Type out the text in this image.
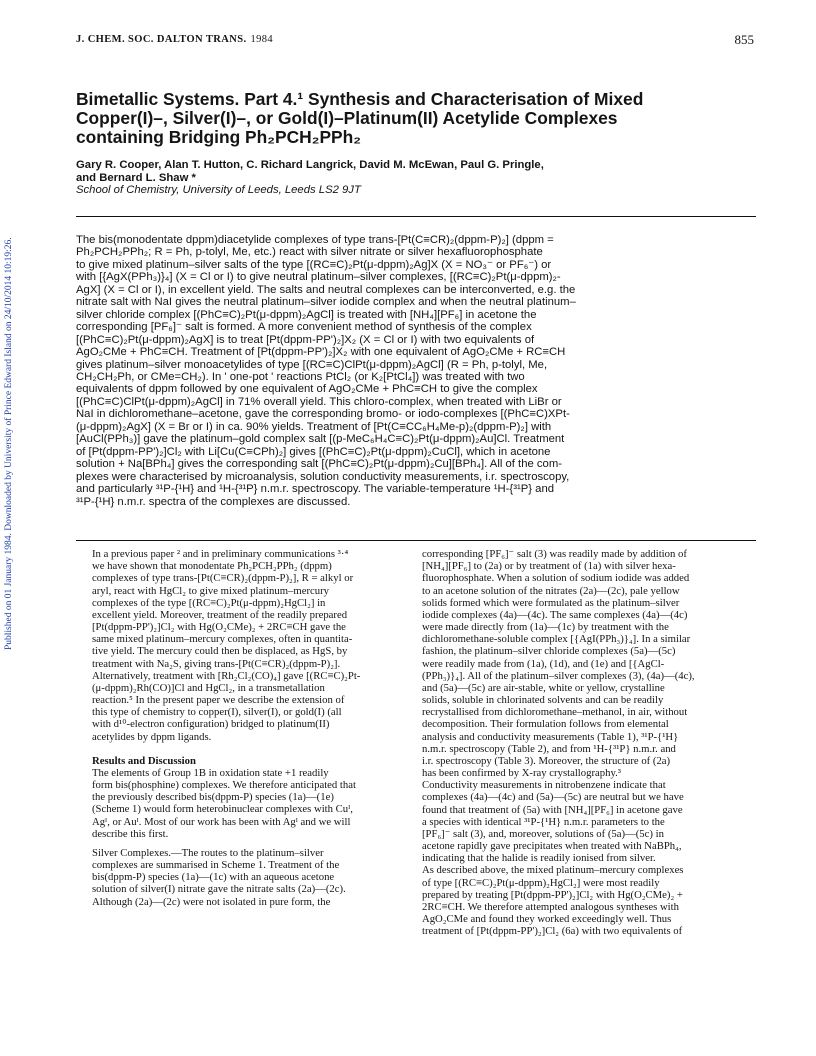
Published on 01 January 1984. Downloaded by University of Prince Edward Island on 24/10/2014 10:19:26.
J. CHEM. SOC. DALTON TRANS. 1984	855
Bimetallic Systems. Part 4.¹ Synthesis and Characterisation of Mixed
Copper(I)–, Silver(I)–, or Gold(I)–Platinum(II) Acetylide Complexes
containing Bridging Ph₂PCH₂PPh₂
Gary R. Cooper, Alan T. Hutton, C. Richard Langrick, David M. McEwan, Paul G. Pringle,
and Bernard L. Shaw *
School of Chemistry, University of Leeds, Leeds LS2 9JT
The bis(monodentate dppm)diacetylide complexes of type trans-[Pt(C≡CR)₂(dppm-P)₂] (dppm =
Ph₂PCH₂PPh₂; R = Ph, p-tolyl, Me, etc.) react with silver nitrate or silver hexafluorophosphate
to give mixed platinum–silver salts of the type [(RC≡C)₂Pt(μ-dppm)₂Ag]X (X = NO₃⁻ or PF₆⁻) or
with [{AgX(PPh₃)}₄] (X = Cl or I) to give neutral platinum–silver complexes, [(RC≡C)₂Pt(μ-dppm)₂-
AgX] (X = Cl or I), in excellent yield. The salts and neutral complexes can be interconverted, e.g. the
nitrate salt with NaI gives the neutral platinum–silver iodide complex and when the neutral platinum–
silver chloride complex [(PhC≡C)₂Pt(μ-dppm)₂AgCl] is treated with [NH₄][PF₆] in acetone the
corresponding [PF₆]⁻ salt is formed. A more convenient method of synthesis of the complex
[(PhC≡C)₂Pt(μ-dppm)₂AgX] is to treat [Pt(dppm-PP')₂]X₂ (X = Cl or I) with two equivalents of
AgO₂CMe + PhC≡CH. Treatment of [Pt(dppm-PP')₂]X₂ with one equivalent of AgO₂CMe + RC≡CH
gives platinum–silver monoacetylides of type [(RC≡C)ClPt(μ-dppm)₂AgCl] (R = Ph, p-tolyl, Me,
CH₂CH₂Ph, or CMe=CH₂). In ' one-pot ' reactions PtCl₂ (or K₂[PtCl₄]) was treated with two
equivalents of dppm followed by one equivalent of AgO₂CMe + PhC≡CH to give the complex
[(PhC≡C)ClPt(μ-dppm)₂AgCl] in 71% overall yield. This chloro-complex, when treated with LiBr or
NaI in dichloromethane–acetone, gave the corresponding bromo- or iodo-complexes [(PhC≡C)XPt-
(μ-dppm)₂AgX] (X = Br or I) in ca. 90% yields. Treatment of [Pt(C≡CC₆H₄Me-p)₂(dppm-P)₂] with
[AuCl(PPh₃)] gave the platinum–gold complex salt [(p-MeC₆H₄C≡C)₂Pt(μ-dppm)₂Au]Cl. Treatment
of [Pt(dppm-PP')₂]Cl₂ with Li[Cu(C≡CPh)₂] gives [(PhC≡C)₂Pt(μ-dppm)₂CuCl], which in acetone
solution + Na[BPh₄] gives the corresponding salt [(PhC≡C)₂Pt(μ-dppm)₂Cu][BPh₄]. All of the com-
plexes were characterised by microanalysis, solution conductivity measurements, i.r. spectroscopy,
and particularly ³¹P-{¹H} and ¹H-{³¹P} n.m.r. spectroscopy. The variable-temperature ¹H-{³¹P} and
³¹P-{¹H} n.m.r. spectra of the complexes are discussed.
In a previous paper ² and in preliminary communications ³·⁴
we have shown that monodentate Ph₂PCH₂PPh₂ (dppm)
complexes of type trans-[Pt(C≡CR)₂(dppm-P)₂], R = alkyl or
aryl, react with HgCl₂ to give mixed platinum–mercury
complexes of the type [(RC≡C)₂Pt(μ-dppm)₂HgCl₂] in
excellent yield. Moreover, treatment of the readily prepared
[Pt(dppm-PP')₂]Cl₂ with Hg(O₂CMe)₂ + 2RC≡CH gave the
same mixed platinum–mercury complexes, often in quantita-
tive yield. The mercury could then be displaced, as HgS, by
treatment with Na₂S, giving trans-[Pt(C≡CR)₂(dppm-P)₂].
Alternatively, treatment with [Rh₂Cl₂(CO)₄] gave [(RC≡C)₂Pt-
(μ-dppm)₂Rh(CO)]Cl and HgCl₂, in a transmetallation
reaction.⁵ In the present paper we describe the extension of
this type of chemistry to copper(I), silver(I), or gold(I) (all
with d¹⁰-electron configuration) bridged to platinum(II)
acetylides by dppm ligands.
Results and Discussion
The elements of Group 1B in oxidation state +1 readily
form bis(phosphine) complexes. We therefore anticipated that
the previously described bis(dppm-P) species (1a)—(1e)
(Scheme 1) would form heterobinuclear complexes with Cuᴵ,
Agᴵ, or Auᴵ. Most of our work has been with Agᴵ and we will
describe this first.
Silver Complexes.—The routes to the platinum–silver
complexes are summarised in Scheme 1. Treatment of the
bis(dppm-P) species (1a)—(1c) with an aqueous acetone
solution of silver(I) nitrate gave the nitrate salts (2a)—(2c).
Although (2a)—(2c) were not isolated in pure form, the
corresponding [PF₆]⁻ salt (3) was readily made by addition of
[NH₄][PF₆] to (2a) or by treatment of (1a) with silver hexa-
fluorophosphate. When a solution of sodium iodide was added
to an acetone solution of the nitrates (2a)—(2c), pale yellow
solids formed which were formulated as the platinum–silver
iodide complexes (4a)—(4c). The same complexes (4a)—(4c)
were made directly from (1a)—(1c) by treatment with the
dichloromethane-soluble complex [{AgI(PPh₃)}₄]. In a similar
fashion, the platinum–silver chloride complexes (5a)—(5c)
were readily made from (1a), (1d), and (1e) and [{AgCl-
(PPh₃)}₄]. All of the platinum–silver complexes (3), (4a)—(4c),
and (5a)—(5c) are air-stable, white or yellow, crystalline
solids, soluble in chlorinated solvents and can be readily
recrystallised from dichloromethane–methanol, in air, without
decomposition. Their formulation follows from elemental
analysis and conductivity measurements (Table 1), ³¹P-{¹H}
n.m.r. spectroscopy (Table 2), and from ¹H-{³¹P} n.m.r. and
i.r. spectroscopy (Table 3). Moreover, the structure of (2a)
has been confirmed by X-ray crystallography.³
Conductivity measurements in nitrobenzene indicate that
complexes (4a)—(4c) and (5a)—(5c) are neutral but we have
found that treatment of (5a) with [NH₄][PF₆] in acetone gave
a species with identical ³¹P-{¹H} n.m.r. parameters to the
[PF₆]⁻ salt (3), and, moreover, solutions of (5a)—(5c) in
acetone rapidly gave precipitates when treated with NaBPh₄,
indicating that the halide is readily ionised from silver.
As described above, the mixed platinum–mercury complexes
of type [(RC≡C)₂Pt(μ-dppm)₂HgCl₂] were most readily
prepared by treating [Pt(dppm-PP')₂]Cl₂ with Hg(O₂CMe)₂ +
2RC≡CH. We therefore attempted analogous syntheses with
AgO₂CMe and found they worked exceedingly well. Thus
treatment of [Pt(dppm-PP')₂]Cl₂ (6a) with two equivalents of
